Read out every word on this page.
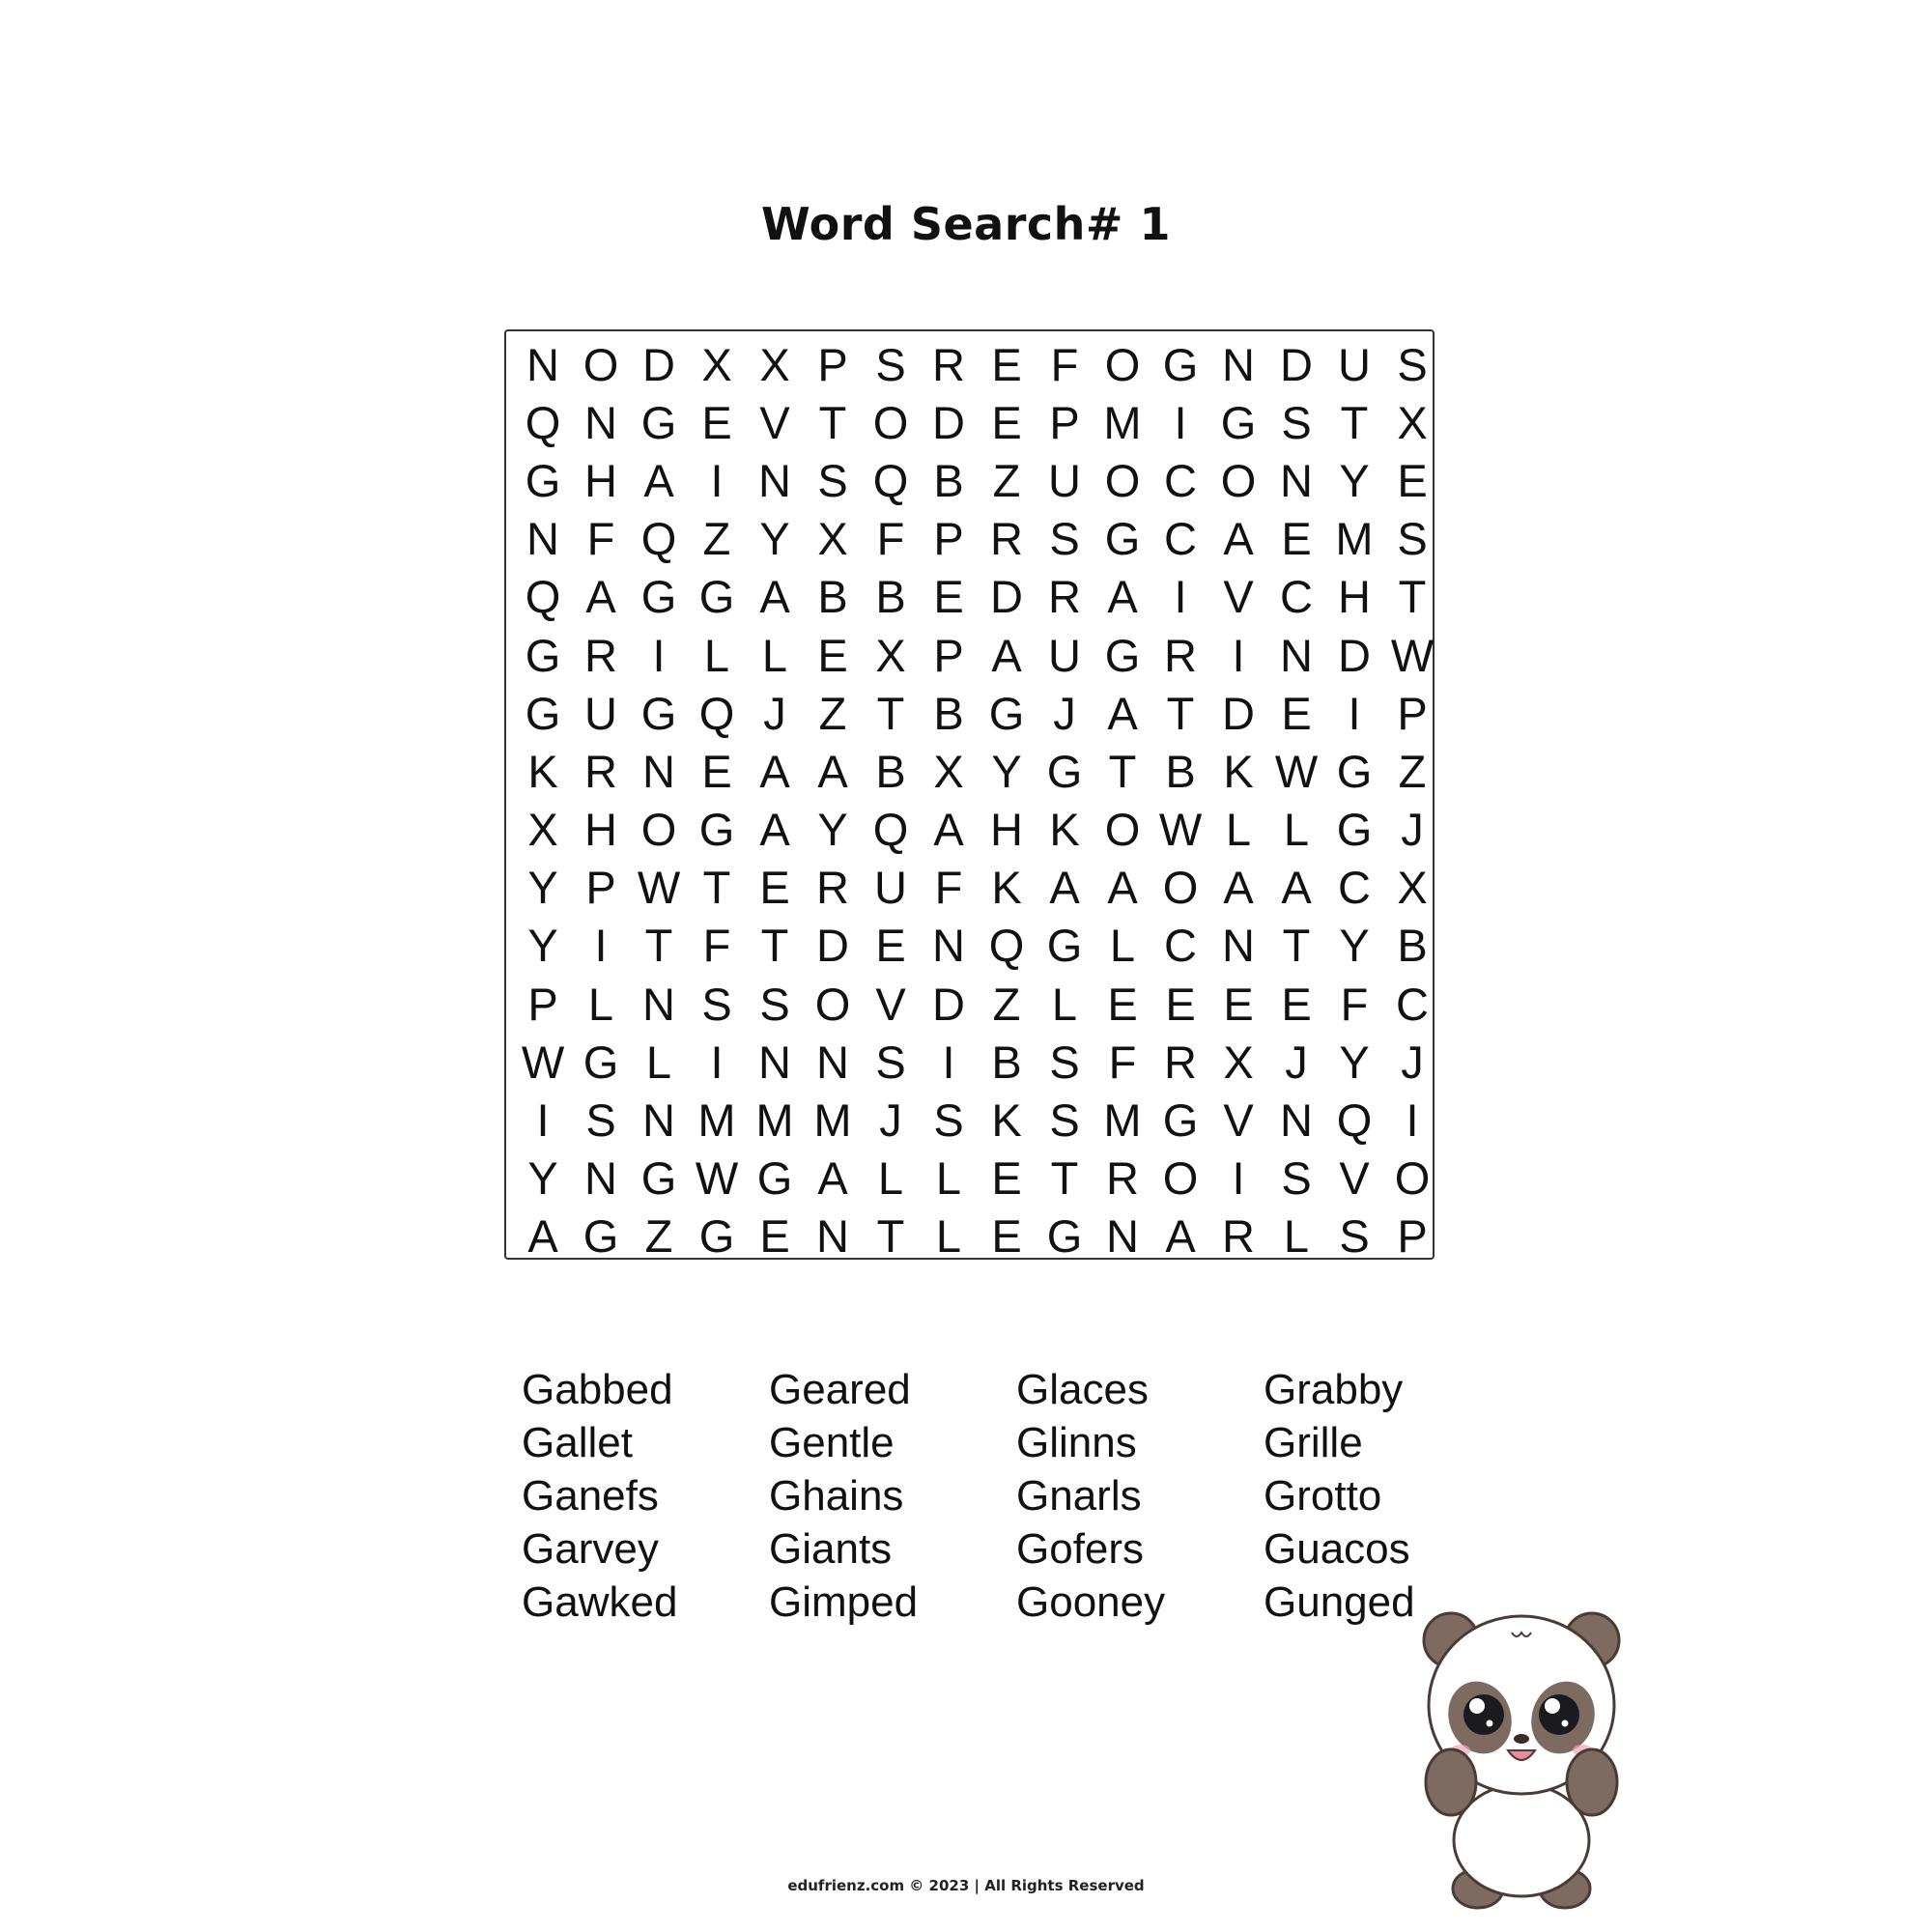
Word Search# 1
N O D X X P S R E F O G N D U S
Q N G E V T O D E P M I G S T X
G H A I N S Q B Z U O C O N Y E
N F Q Z Y X F P R S G C A E M S
Q A G G A B B E D R A I V C H T
G R I L L E X P A U G R I N D W
G U G Q J Z T B G J A T D E I P
K R N E A A B X Y G T B K W G Z
X H O G A Y Q A H K O W L L G J
Y P W T E R U F K A A O A A C X
Y I T F T D E N Q G L C N T Y B
P L N S S O V D Z L E E E E F C
W G L I N N S I B S F R X J Y J
I S N M M M J S K S M G V N Q I
Y N G W G A L L E T R O I S V O
A G Z G E N T L E G N A R L S P
Gabbed	Geared	Glaces	Grabby
Gallet	Gentle	Glinns	Grille
Ganefs	Ghains	Gnarls	Grotto
Garvey	Giants	Gofers	Guacos
Gawked	Gimped	Gooney	Gunged
edufrienz.com © 2023 | All Rights Reserved
